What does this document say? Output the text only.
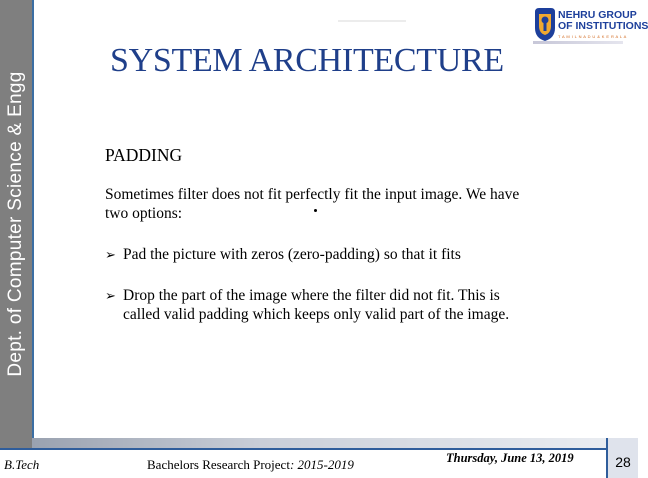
Dept. of Computer Science & Engg
NEHRU GROUP
OF INSTITUTIONS
T A M I L N A D U & K E R A L A
SYSTEM ARCHITECTURE
PADDING

Sometimes filter does not fit perfectly fit the input image. We have two options:

➢ Pad the picture with zeros (zero-padding) so that it fits
➢ Drop the part of the image where the filter did not fit. This is called valid padding which keeps only valid part of the image.
B.Tech	Bachelors Research Project: 2015-2019	Thursday, June 13, 2019	28
